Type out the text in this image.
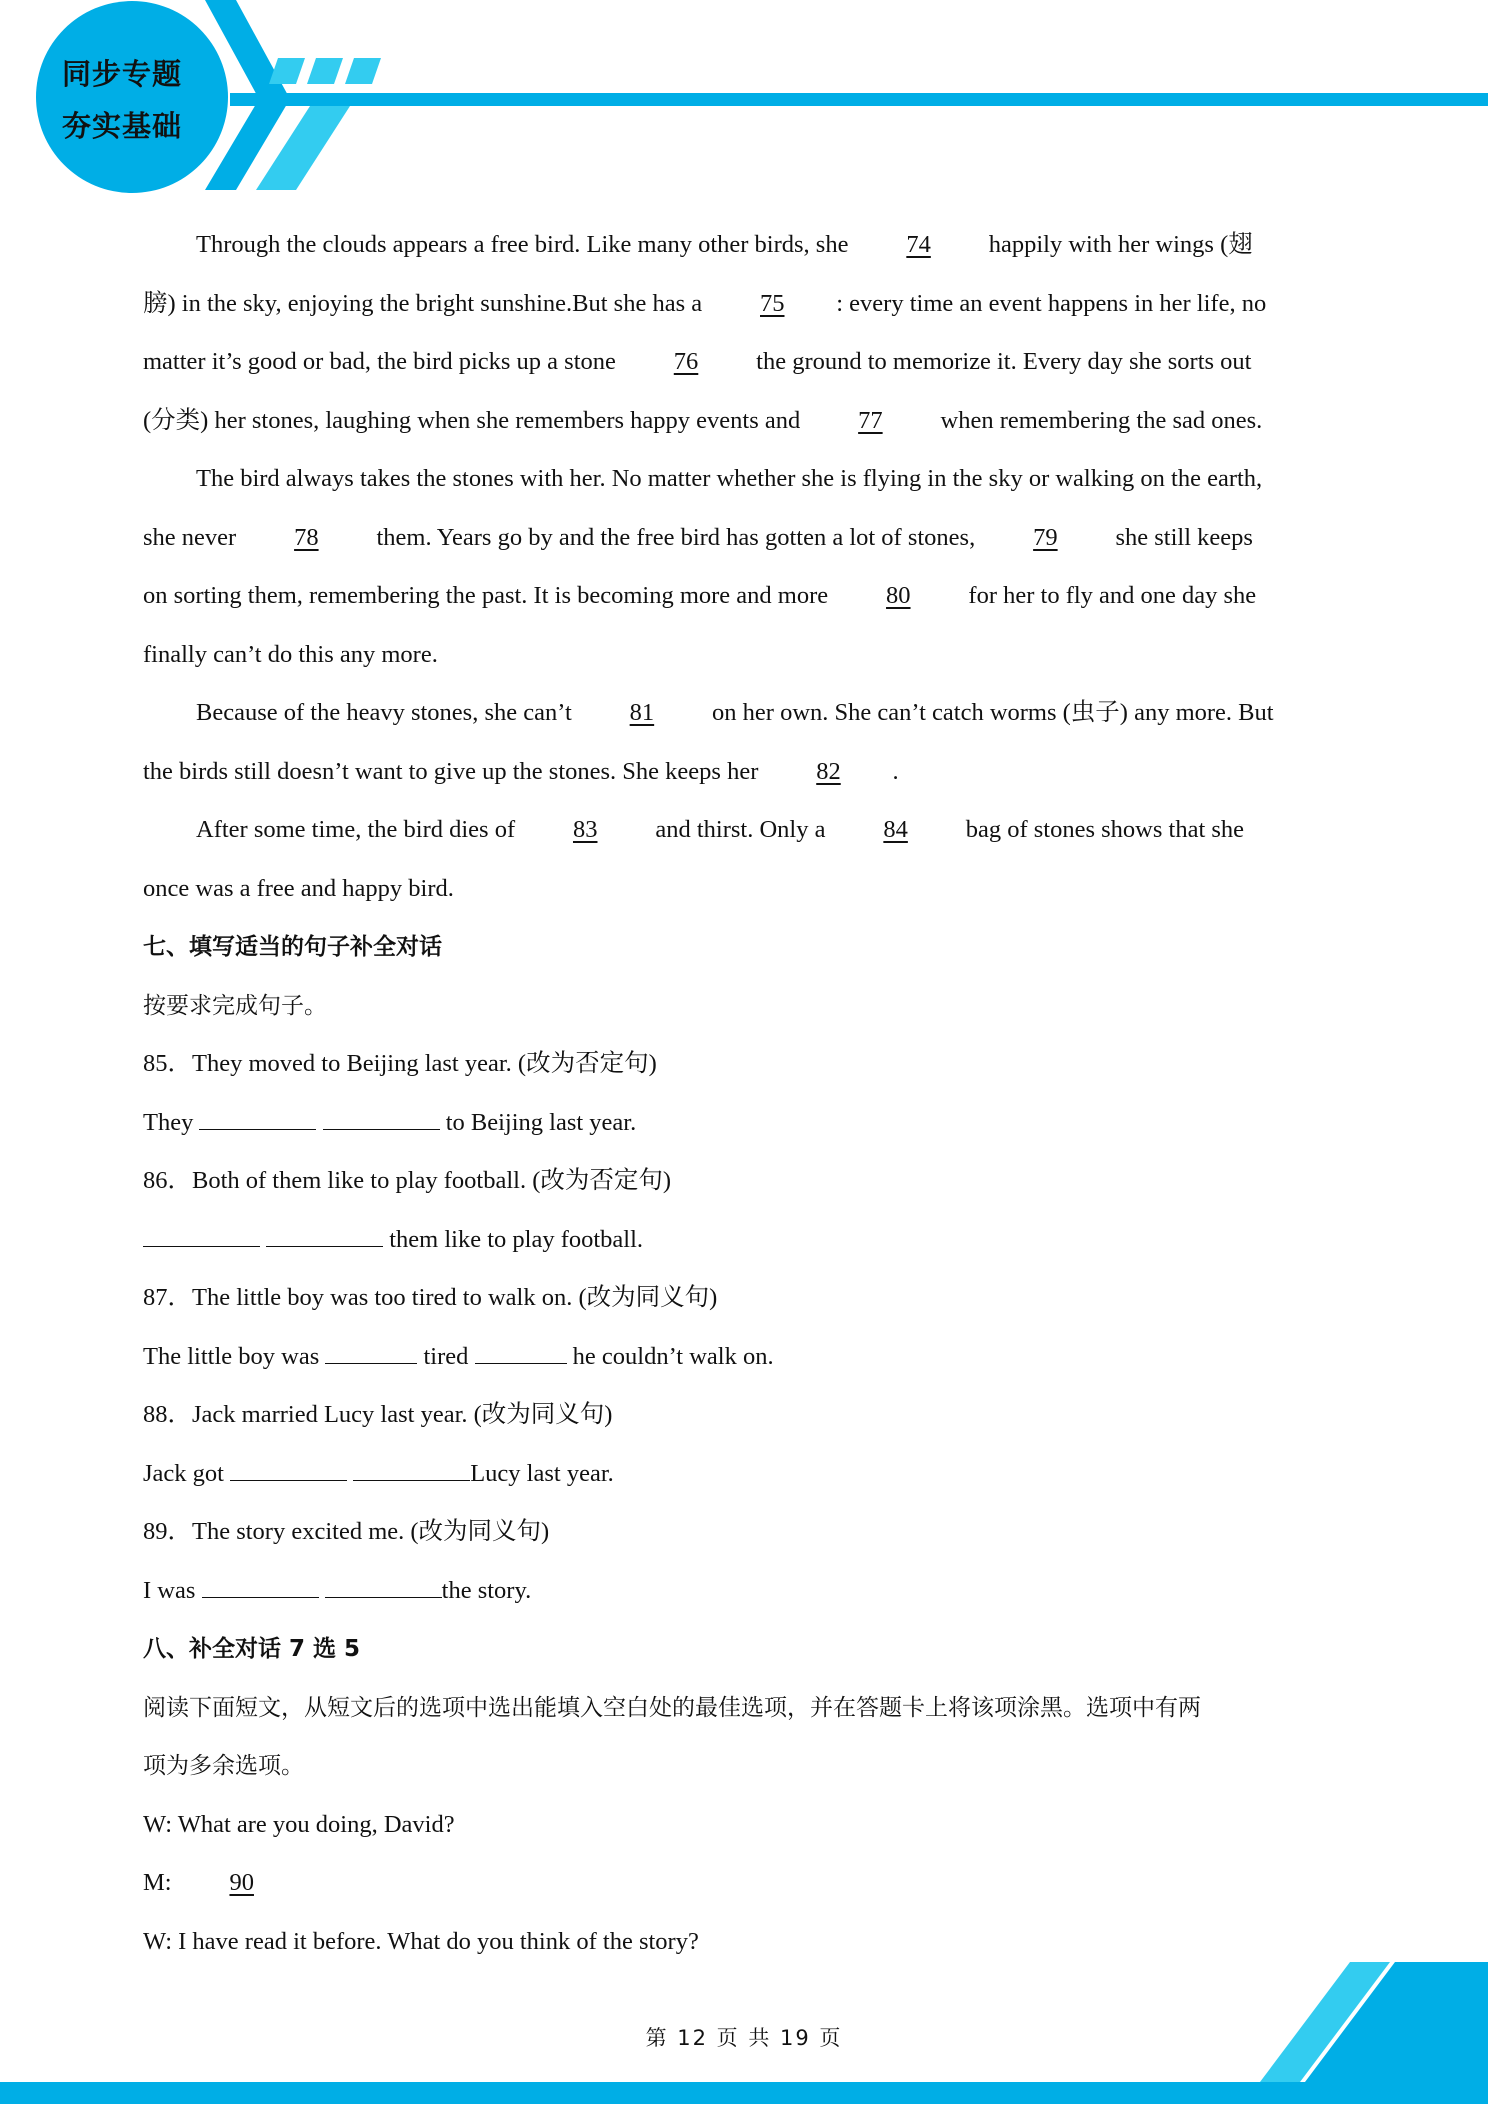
同步专题
夯实基础
Through the clouds appears a free bird. Like many other birds, she 74 happily with her wings (翅
膀) in the sky, enjoying the bright sunshine.But she has a 75 : every time an event happens in her life, no
matter it’s good or bad, the bird picks up a stone 76 the ground to memorize it. Every day she sorts out
(分类) her stones, laughing when she remembers happy events and 77 when remembering the sad ones.
The bird always takes the stones with her. No matter whether she is flying in the sky or walking on the earth,
she never 78 them. Years go by and the free bird has gotten a lot of stones, 79 she still keeps
on sorting them, remembering the past. It is becoming more and more 80 for her to fly and one day she
finally can’t do this any more.
Because of the heavy stones, she can’t 81 on her own. She can’t catch worms (虫子) any more. But
the birds still doesn’t want to give up the stones. She keeps her 82 .
After some time, the bird dies of 83 and thirst. Only a 84 bag of stones shows that she
once was a free and happy bird.
七、填写适当的句子补全对话
按要求完成句子。
85．They moved to Beijing last year. (改为否定句)
They	to Beijing last year.
86．Both of them like to play football. (改为否定句)
them like to play football.
87．The little boy was too tired to walk on. (改为同义句)
The little boy was	tired	he couldn’t walk on.
88．Jack married Lucy last year. (改为同义句)
Jack got	Lucy last year.
89．The story excited me. (改为同义句)
I was	the story.
八、补全对话 7 选 5
阅读下面短文，从短文后的选项中选出能填入空白处的最佳选项，并在答题卡上将该项涂黑。选项中有两
项为多余选项。
W: What are you doing, David?
M: 90
W: I have read it before. What do you think of the story?
第 12 页 共 19 页
